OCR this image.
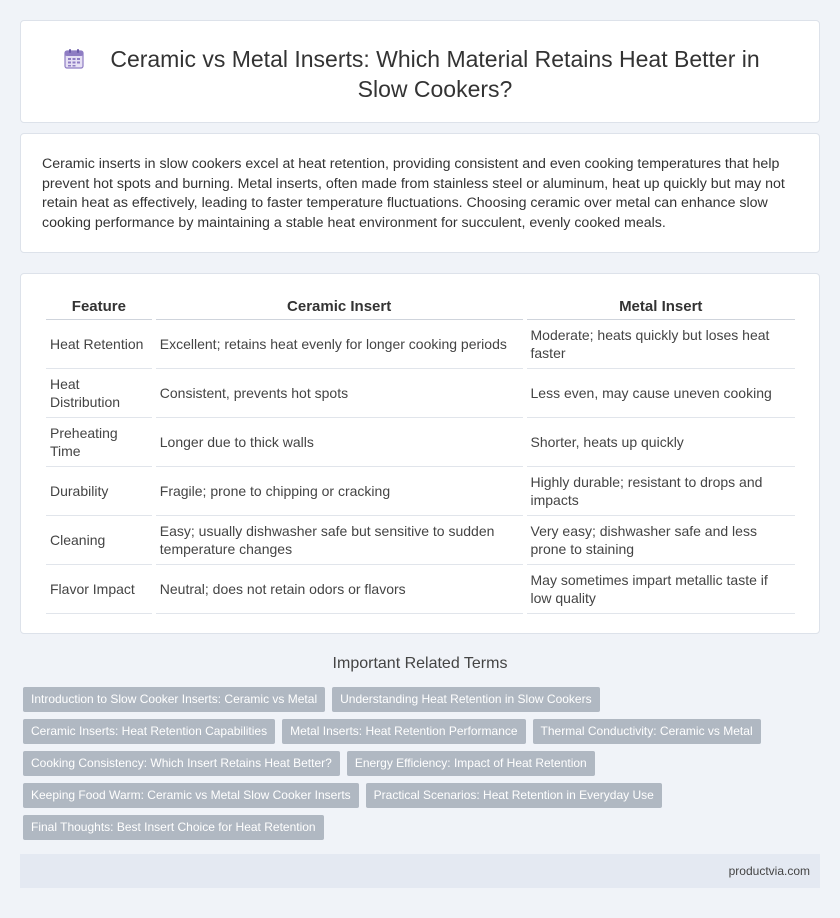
Ceramic vs Metal Inserts: Which Material Retains Heat Better in Slow Cookers?

Ceramic inserts in slow cookers excel at heat retention, providing consistent and even cooking temperatures that help prevent hot spots and burning. Metal inserts, often made from stainless steel or aluminum, heat up quickly but may not retain heat as effectively, leading to faster temperature fluctuations. Choosing ceramic over metal can enhance slow cooking performance by maintaining a stable heat environment for succulent, evenly cooked meals.

Feature	Ceramic Insert	Metal Insert
Heat Retention	Excellent; retains heat evenly for longer cooking periods	Moderate; heats quickly but loses heat faster
Heat Distribution	Consistent, prevents hot spots	Less even, may cause uneven cooking
Preheating Time	Longer due to thick walls	Shorter, heats up quickly
Durability	Fragile; prone to chipping or cracking	Highly durable; resistant to drops and impacts
Cleaning	Easy; usually dishwasher safe but sensitive to sudden temperature changes	Very easy; dishwasher safe and less prone to staining
Flavor Impact	Neutral; does not retain odors or flavors	May sometimes impart metallic taste if low quality
Important Related Terms
Introduction to Slow Cooker Inserts: Ceramic vs Metal	Understanding Heat Retention in Slow Cookers
Ceramic Inserts: Heat Retention Capabilities	Metal Inserts: Heat Retention Performance	Thermal Conductivity: Ceramic vs Metal
Cooking Consistency: Which Insert Retains Heat Better?	Energy Efficiency: Impact of Heat Retention
Keeping Food Warm: Ceramic vs Metal Slow Cooker Inserts	Practical Scenarios: Heat Retention in Everyday Use
Final Thoughts: Best Insert Choice for Heat Retention
productvia.com
